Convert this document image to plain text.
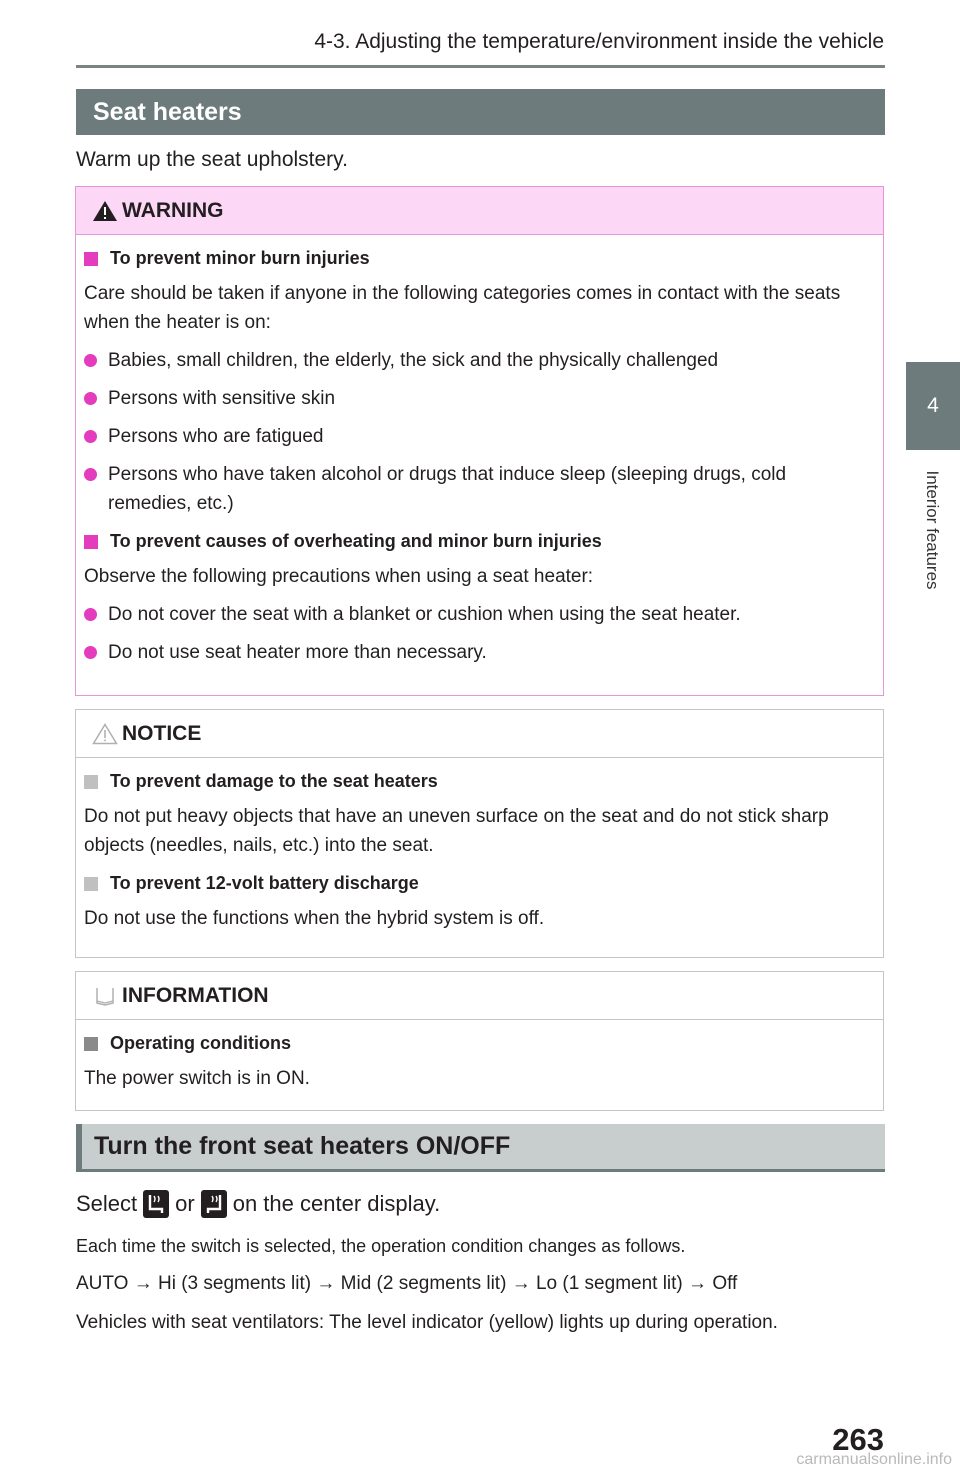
4-3. Adjusting the temperature/environment inside the vehicle
4
Interior features
Seat heaters
Warm up the seat upholstery.
WARNING
To prevent minor burn injuries
Care should be taken if anyone in the following categories comes in contact with the seats when the heater is on:
Babies, small children, the elderly, the sick and the physically challenged
Persons with sensitive skin
Persons who are fatigued
Persons who have taken alcohol or drugs that induce sleep (sleeping drugs, cold remedies, etc.)
To prevent causes of overheating and minor burn injuries
Observe the following precautions when using a seat heater:
Do not cover the seat with a blanket or cushion when using the seat heater.
Do not use seat heater more than necessary.
NOTICE
To prevent damage to the seat heaters
Do not put heavy objects that have an uneven surface on the seat and do not stick sharp objects (needles, nails, etc.) into the seat.
To prevent 12-volt battery discharge
Do not use the functions when the hybrid system is off.
INFORMATION
Operating conditions
The power switch is in ON.
Turn the front seat heaters ON/OFF
Select or on the center display.
Each time the switch is selected, the operation condition changes as follows.
AUTO → Hi (3 segments lit) → Mid (2 segments lit) → Lo (1 segment lit) → Off
Vehicles with seat ventilators: The level indicator (yellow) lights up during operation.
263
carmanualsonline.info
